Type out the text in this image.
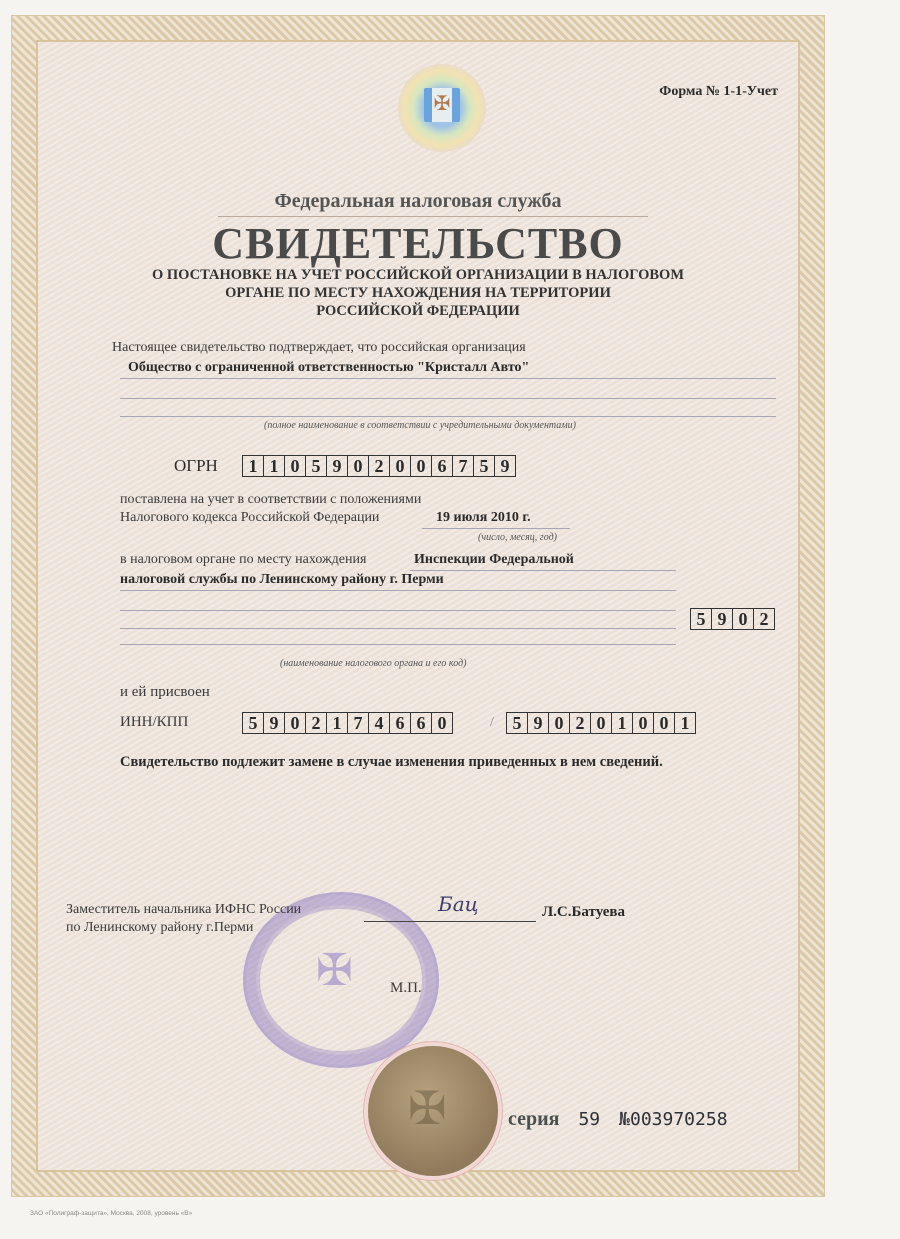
Форма № 1-1-Учет
✠
Федеральная налоговая служба
СВИДЕТЕЛЬСТВО
О ПОСТАНОВКЕ НА УЧЕТ РОССИЙСКОЙ ОРГАНИЗАЦИИ В НАЛОГОВОМ
ОРГАНЕ ПО МЕСТУ НАХОЖДЕНИЯ НА ТЕРРИТОРИИ
РОССИЙСКОЙ ФЕДЕРАЦИИ
Настоящее свидетельство подтверждает, что российская организация
Общество с ограниченной ответственностью "Кристалл Авто"
(полное наименование в соответствии с учредительными документами)
ОГРН	1 1 0 5 9 0 2 0 0 6 7 5 9
поставлена на учет в соответствии с положениями
Налогового кодекса Российской Федерации	19 июля 2010 г.
(число, месяц, год)
в налоговом органе по месту нахождения	Инспекции Федеральной
налоговой службы по Ленинскому району г. Перми
5 9 0 2
(наименование налогового органа и его код)
и ей присвоен
ИНН/КПП	5 9 0 2 1 7 4 6 6 0	/	5 9 0 2 0 1 0 0 1
Свидетельство подлежит замене в случае изменения приведенных в нем сведений.
✠
Заместитель начальника ИФНС России
по Ленинскому району г.Перми
Бац	Л.С.Батуева
М.П.
✠	серия 59 №003970258
ЗАО «Полиграф-защита», Москва, 2008, уровень «В»
